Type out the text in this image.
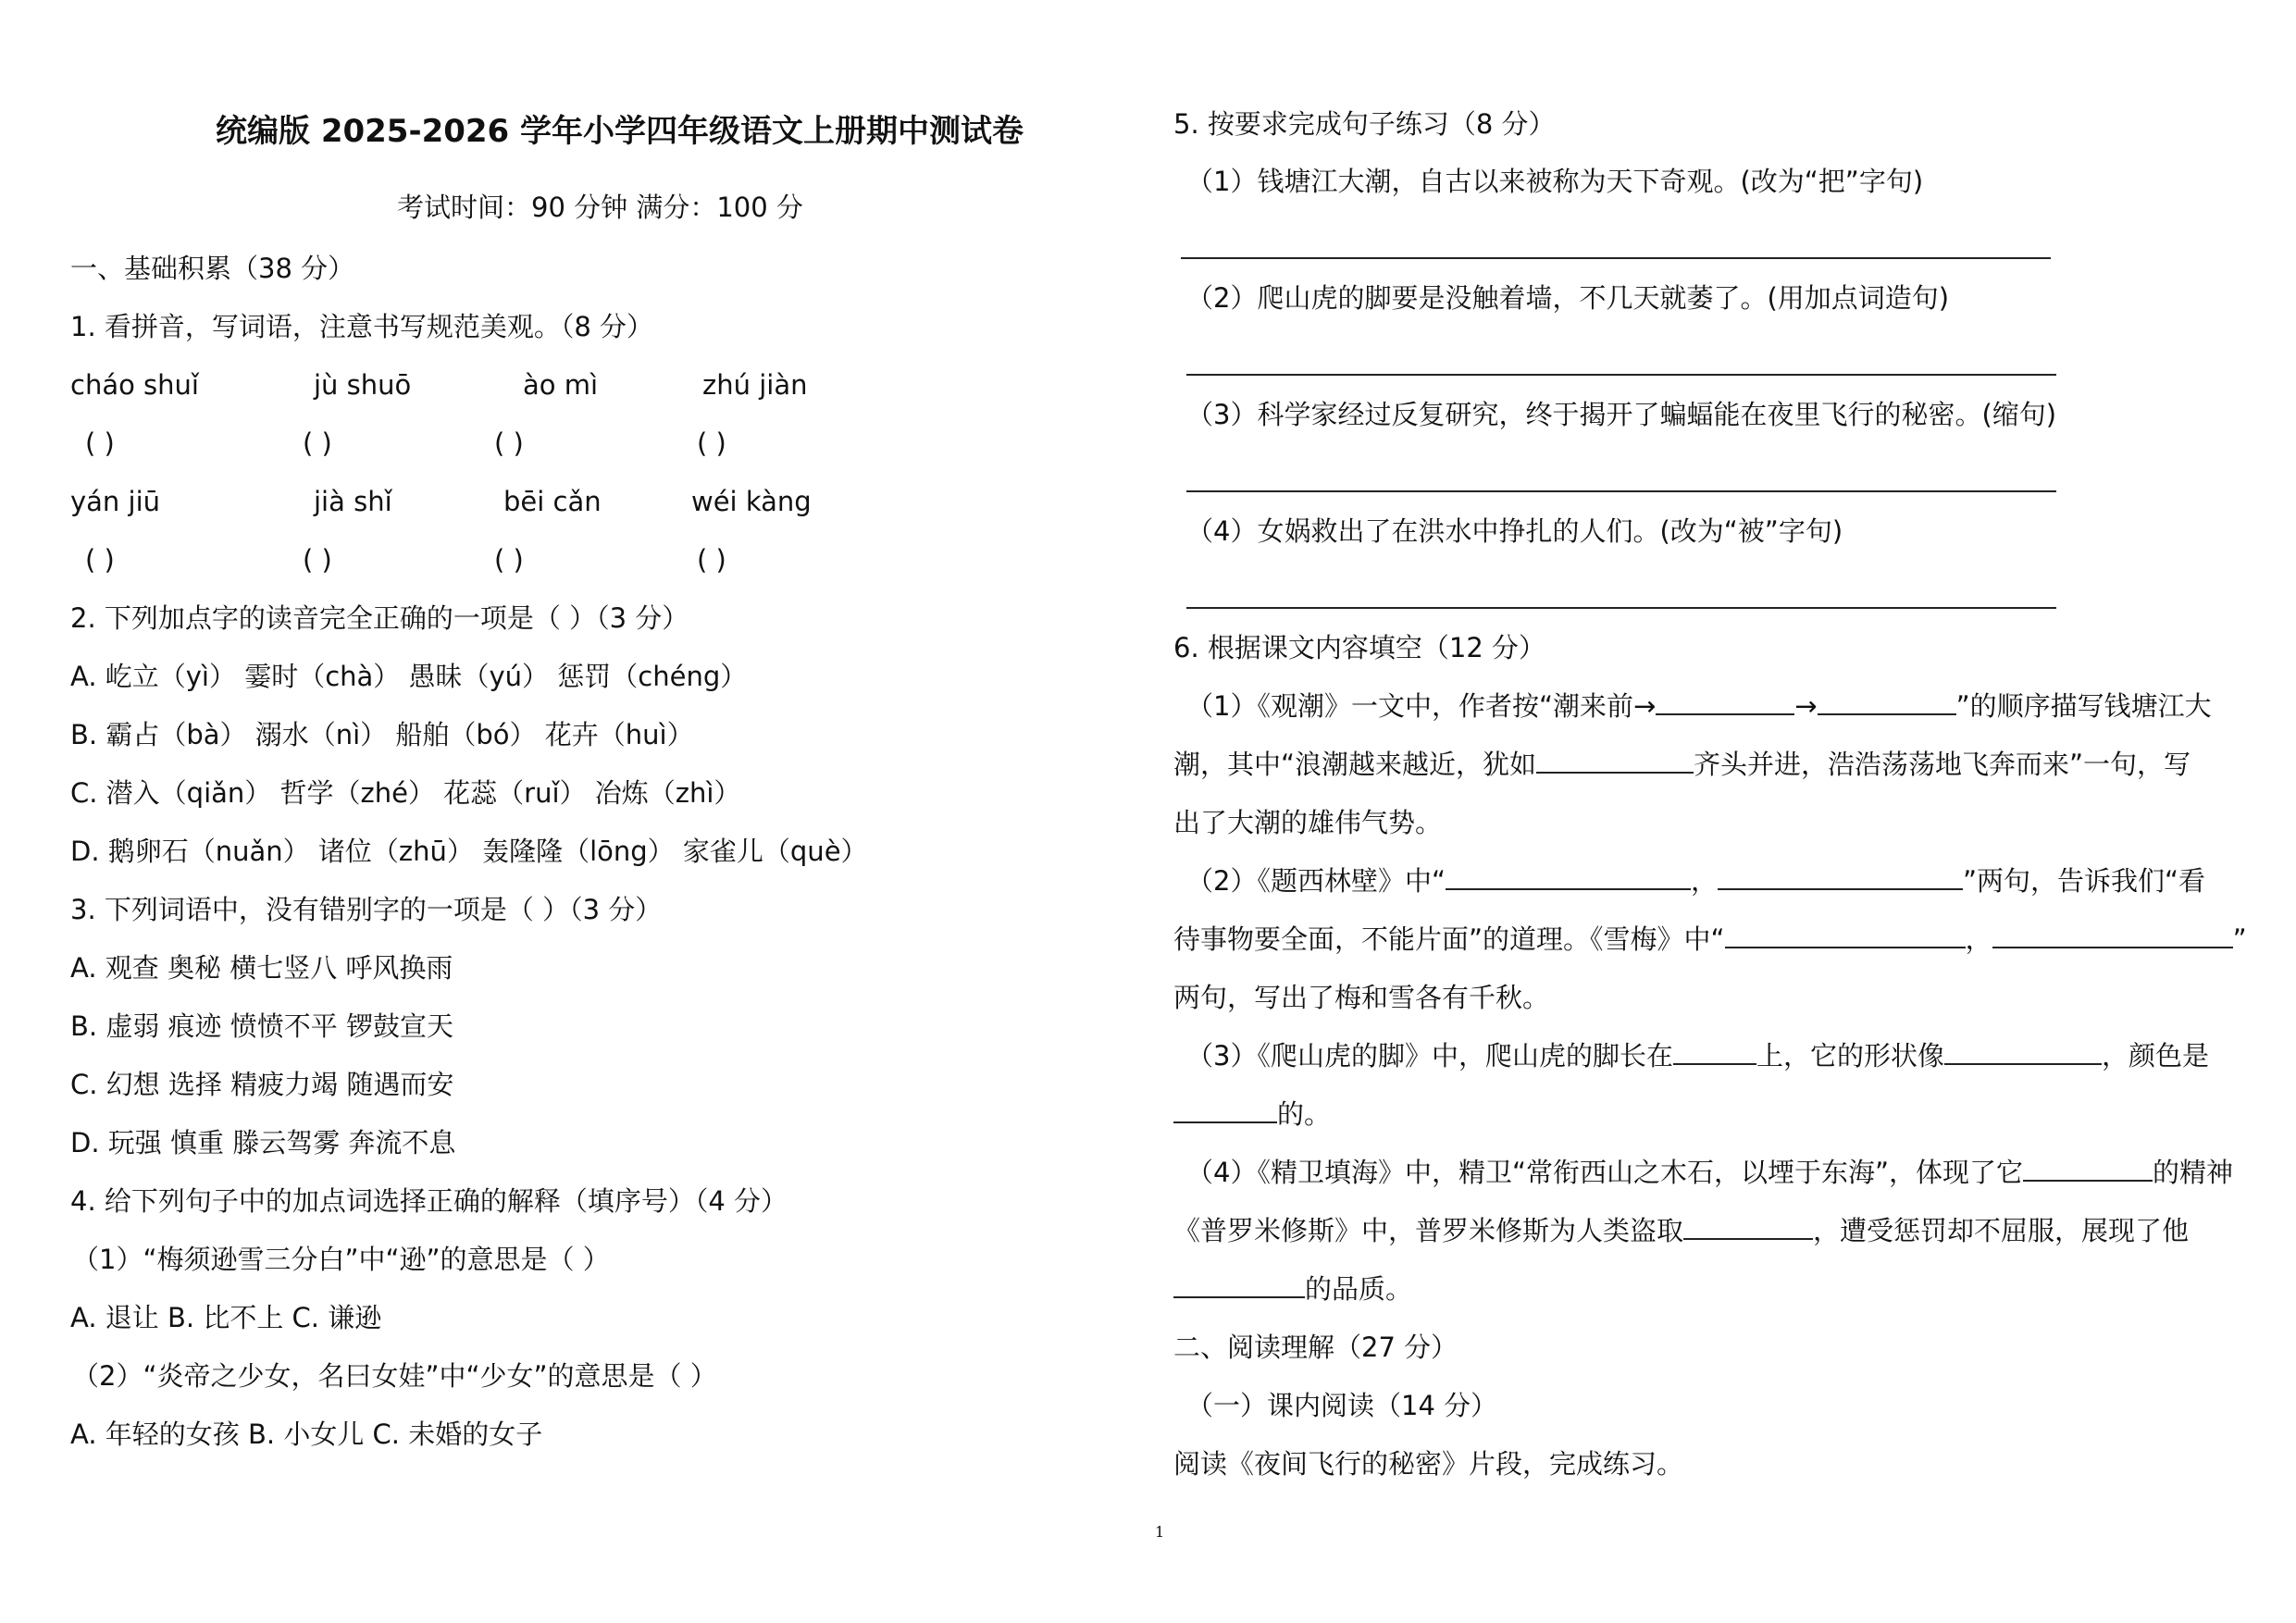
统编版 2025-2026 学年小学四年级语文上册期中测试卷
考试时间：90 分钟 满分：100 分
一、基础积累（38 分）
1. 看拼音，写词语，注意书写规范美观。（8 分）
cháo shuǐ	jù shuō	ào mì	zhú jiàn
( )	( )	( )	( )
yán jiū	jià shǐ	bēi cǎn	wéi kàng
( )	( )	( )	( )
2. 下列加点字的读音完全正确的一项是（ ）（3 分）
A. 屹立（yì） 霎时（chà） 愚昧（yú） 惩罚（chéng）
B. 霸占（bà） 溺水（nì） 船舶（bó） 花卉（huì）
C. 潜入（qiǎn） 哲学（zhé） 花蕊（ruǐ） 冶炼（zhì）
D. 鹅卵石（nuǎn） 诸位（zhū） 轰隆隆（lōng） 家雀儿（què）
3. 下列词语中，没有错别字的一项是（ ）（3 分）
A. 观查 奥秘 横七竖八 呼风换雨
B. 虚弱 痕迹 愤愤不平 锣鼓宣天
C. 幻想 选择 精疲力竭 随遇而安
D. 玩强 慎重 滕云驾雾 奔流不息
4. 给下列句子中的加点词选择正确的解释（填序号）（4 分）
（1）“梅须逊雪三分白”中“逊”的意思是（ ）
A. 退让 B. 比不上 C. 谦逊
（2）“炎帝之少女，名曰女娃”中“少女”的意思是（ ）
A. 年轻的女孩 B. 小女儿 C. 未婚的女子
5. 按要求完成句子练习（8 分）
（1）钱塘江大潮，自古以来被称为天下奇观。(改为“把”字句)
（2）爬山虎的脚要是没触着墙，不几天就萎了。(用加点词造句)
（3）科学家经过反复研究，终于揭开了蝙蝠能在夜里飞行的秘密。(缩句)
（4）女娲救出了在洪水中挣扎的人们。(改为“被”字句)
6. 根据课文内容填空（12 分）
（1）《观潮》一文中，作者按“潮来前→	→	”的顺序描写钱塘江大
潮，其中“浪潮越来越近，犹如	齐头并进，浩浩荡荡地飞奔而来”一句，写
出了大潮的雄伟气势。
（2）《题西林壁》中“	，	”两句，告诉我们“看
待事物要全面，不能片面”的道理。《雪梅》中“	，	”
两句，写出了梅和雪各有千秋。
（3）《爬山虎的脚》中，爬山虎的脚长在	上，它的形状像	，颜色是
的。
（4）《精卫填海》中，精卫“常衔西山之木石，以堙于东海”，体现了它	的精神
《普罗米修斯》中，普罗米修斯为人类盗取	，遭受惩罚却不屈服，展现了他
的品质。
二、阅读理解（27 分）
（一）课内阅读（14 分）
阅读《夜间飞行的秘密》片段，完成练习。
1
